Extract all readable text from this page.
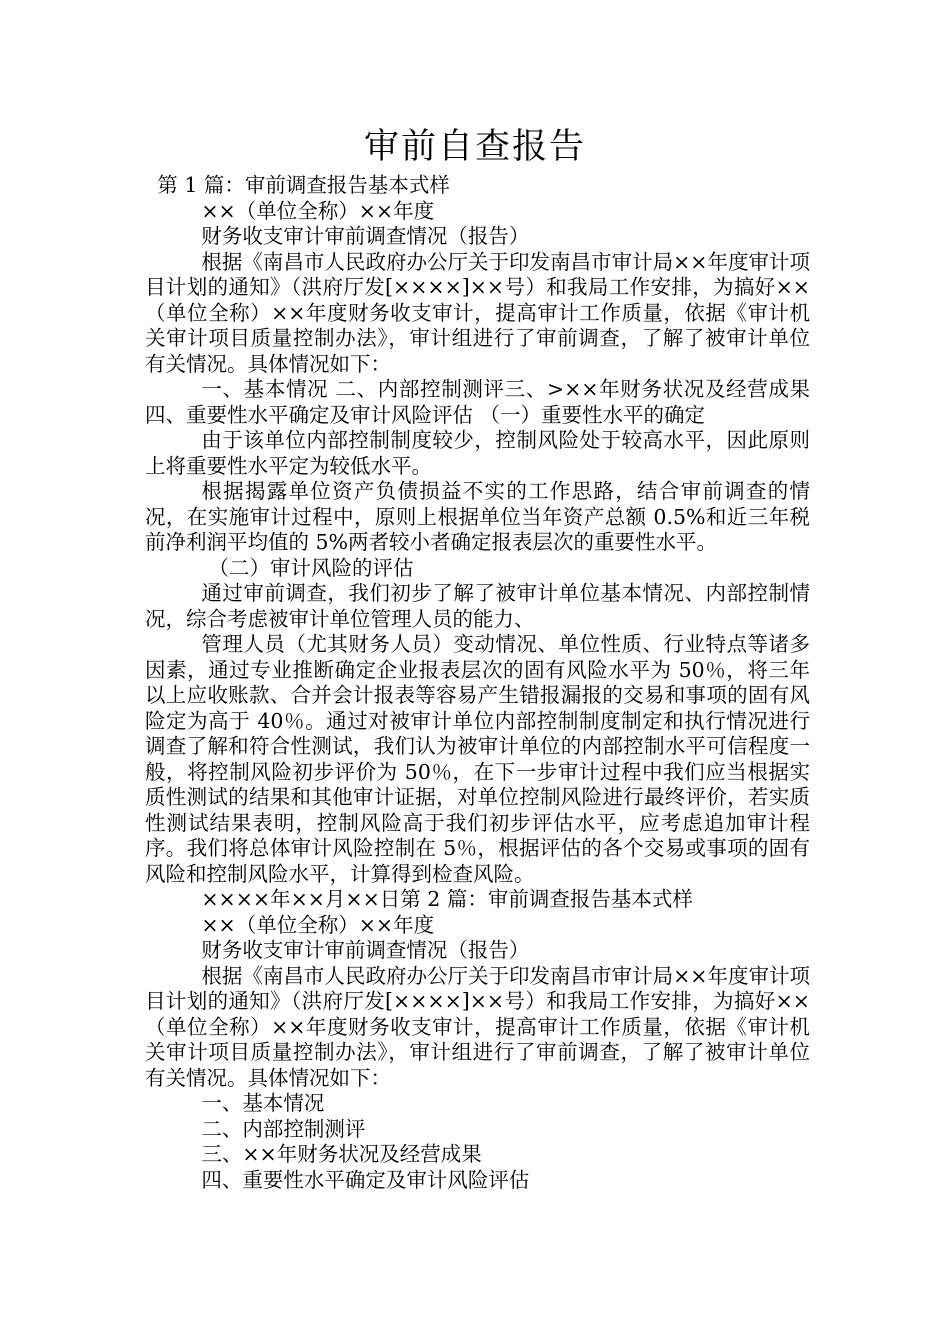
审前自查报告

第 1 篇：审前调查报告基本式样

××（单位全称）××年度

财务收支审计审前调查情况（报告）

根据《南昌市人民政府办公厅关于印发南昌市审计局××年度审计项目计划的通知》（洪府厅发[××××]××号）和我局工作安排，为搞好××（单位全称）××年度财务收支审计，提高审计工作质量，依据《审计机关审计项目质量控制办法》，审计组进行了审前调查，了解了被审计单位有关情况。具体情况如下：

一、基本情况 二、内部控制测评三、>××年财务状况及经营成果 四、重要性水平确定及审计风险评估 （一）重要性水平的确定

由于该单位内部控制制度较少，控制风险处于较高水平，因此原则上将重要性水平定为较低水平。

根据揭露单位资产负债损益不实的工作思路，结合审前调查的情况，在实施审计过程中，原则上根据单位当年资产总额 0.5%和近三年税前净利润平均值的 5%两者较小者确定报表层次的重要性水平。

（二）审计风险的评估

通过审前调查，我们初步了解了被审计单位基本情况、内部控制情况，综合考虑被审计单位管理人员的能力、

管理人员（尤其财务人员）变动情况、单位性质、行业特点等诸多因素，通过专业推断确定企业报表层次的固有风险水平为 50％，将三年以上应收账款、合并会计报表等容易产生错报漏报的交易和事项的固有风险定为高于 40％。通过对被审计单位内部控制制度制定和执行情况进行调查了解和符合性测试，我们认为被审计单位的内部控制水平可信程度一般，将控制风险初步评价为 50％，在下一步审计过程中我们应当根据实质性测试的结果和其他审计证据，对单位控制风险进行最终评价，若实质性测试结果表明，控制风险高于我们初步评估水平，应考虑追加审计程序。我们将总体审计风险控制在 5％，根据评估的各个交易或事项的固有风险和控制风险水平，计算得到检查风险。

××××年××月××日第 2 篇：审前调查报告基本式样

××（单位全称）××年度

财务收支审计审前调查情况（报告）

根据《南昌市人民政府办公厅关于印发南昌市审计局××年度审计项目计划的通知》（洪府厅发[××××]××号）和我局工作安排，为搞好××（单位全称）××年度财务收支审计，提高审计工作质量，依据《审计机关审计项目质量控制办法》，审计组进行了审前调查，了解了被审计单位有关情况。具体情况如下：

一、基本情况

二、内部控制测评

三、××年财务状况及经营成果

四、重要性水平确定及审计风险评估
